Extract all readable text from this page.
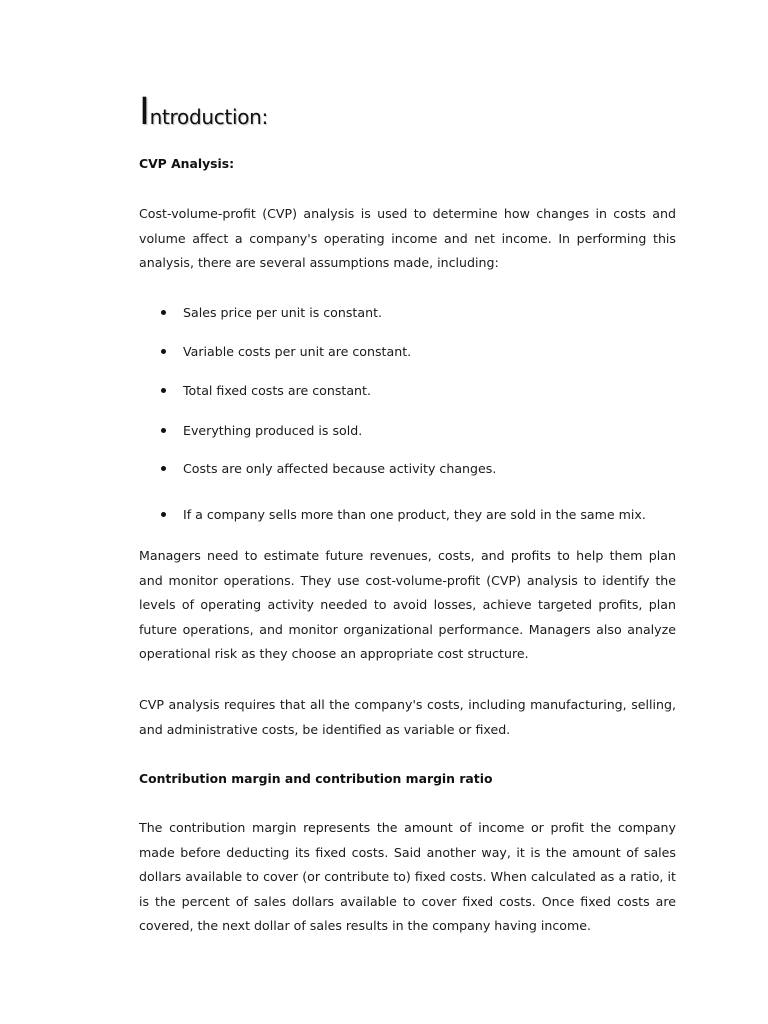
Introduction:
CVP Analysis:

Cost-volume-profit (CVP) analysis is used to determine how changes in costs and volume affect a company's operating income and net income. In performing this analysis, there are several assumptions made, including:

Sales price per unit is constant.

Variable costs per unit are constant.

Total fixed costs are constant.

Everything produced is sold.

Costs are only affected because activity changes.

If a company sells more than one product, they are sold in the same mix.

Managers need to estimate future revenues, costs, and profits to help them plan and monitor operations. They use cost-volume-profit (CVP) analysis to identify the levels of operating activity needed to avoid losses, achieve targeted profits, plan future operations, and monitor organizational performance. Managers also analyze operational risk as they choose an appropriate cost structure.

CVP analysis requires that all the company's costs, including manufacturing, selling, and administrative costs, be identified as variable or fixed.

Contribution margin and contribution margin ratio

The contribution margin represents the amount of income or profit the company made before deducting its fixed costs. Said another way, it is the amount of sales dollars available to cover (or contribute to) fixed costs. When calculated as a ratio, it is the percent of sales dollars available to cover fixed costs. Once fixed costs are covered, the next dollar of sales results in the company having income.
